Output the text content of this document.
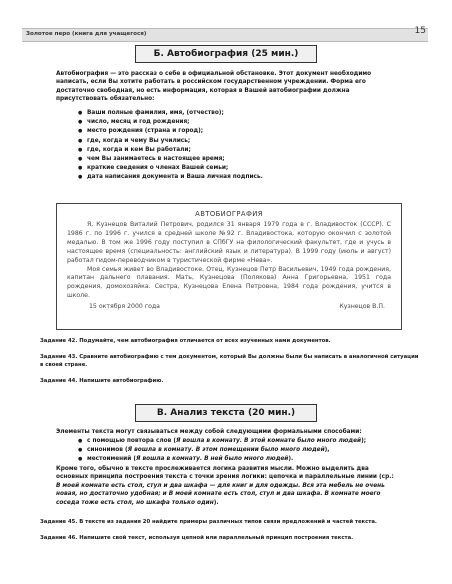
Золотое перо (книга для учащегося)	15
Б. Автобиография (25 мин.)
Автобиография — это рассказ о себе в официальной обстановке. Этот документ необходимо написать, если Вы хотите работать в российском государственном учреждении. Форма его достаточно свободная, но есть информация, которая в Вашей автобиографии должна присутствовать обязательно:
● Ваши полные фамилия, имя, (отчество);
● число, месяц и год рождения;
● место рождения (страна и город);
● где, когда и чему Вы учились;
● где, когда и кем Вы работали;
● чем Вы занимаетесь в настоящее время;
● краткие сведения о членах Вашей семьи;
● дата написания документа и Ваша личная подпись.
АВТОБИОГРАФИЯ
Я, Кузнецов Виталий Петрович, родился 31 января 1979 года в г. Владивосток (СССР). С 1986 г. по 1996 г. учился в средней школе №92 г. Владивостока, которую окончил с золотой медалью. В том же 1996 году поступил в СПбГУ на филологический факультет, где и учусь в настоящее время (специальность: английский язык и литература). В 1999 году (июль и август) работал гидом-переводчиком в туристической фирме «Нева».
Моя семья живет во Владивостоке. Отец, Кузнецов Петр Васильевич, 1949 года рождения, капитан дальнего плавания. Мать, Кузнецова (Полякова) Анна Григорьевна, 1951 года рождения, домохозяйка. Сестра, Кузнецова Елена Петровна, 1984 года рождения, учится в школе.
15 октября 2000 года	Кузнецов В.П.
Задание 42. Подумайте, чем автобиография отличается от всех изученных нами документов.
Задание 43. Сравните автобиографию с тем документом, который Вы должны были бы написать в аналогичной ситуации в своей стране.
Задание 44. Напишите автобиографию.
В. Анализ текста (20 мин.)
Элементы текста могут связываться между собой следующими формальными способами:
● с помощью повтора слов (Я вошла в комнату. В этой комнате было много людей);
● синонимов (Я вошла в комнату. В этом помещении было много людей),
● местоимений (Я вошла в комнату. В ней было много людей).
Кроме того, обычно в тексте прослеживается логика развития мысли. Можно выделить два основных принципа построения текста с точки зрения логики: цепочка и параллельные линии (ср.: В моей комнате есть стол, стул и два шкафа — для книг и для одежды. Вся эта мебель не очень новая, но достаточно удобная; и В моей комнате есть стол, стул и два шкафа. В комнате моего соседа тоже есть стол, но шкафа только один).
Задание 45. В тексте из задания 20 найдите примеры различных типов связи предложений и частей текста.
Задание 46. Напишите свой текст, используя цепной или параллельный принцип построения текста.
